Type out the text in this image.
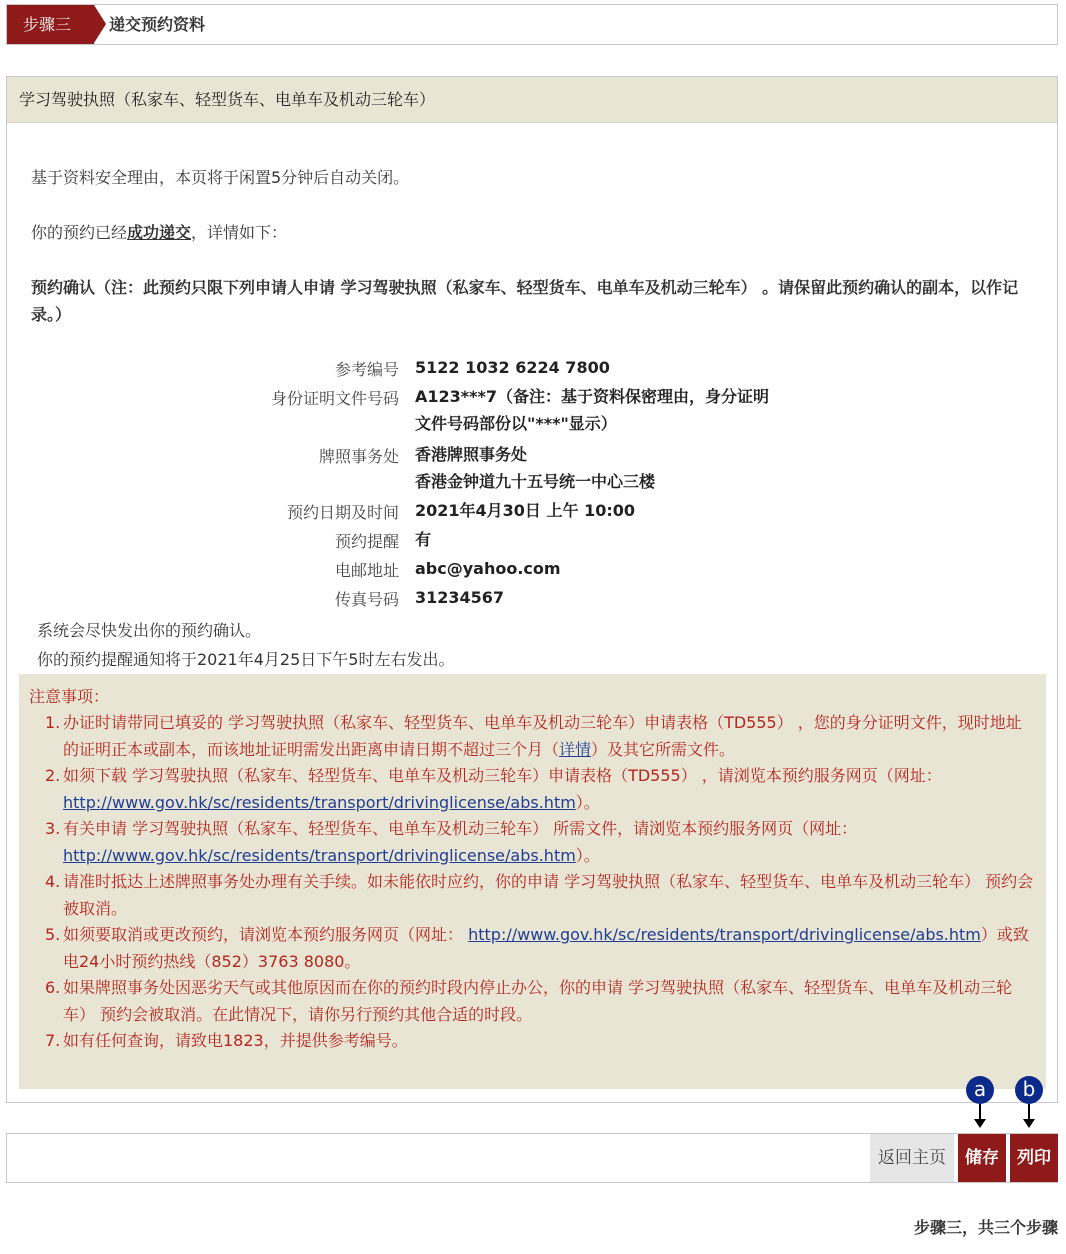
步骤三	递交预约资料
学习驾驶执照（私家车、轻型货车、电单车及机动三轮车）
基于资料安全理由，本页将于闲置5分钟后自动关闭。
你的预约已经成功递交，详情如下：
预约确认（注：此预约只限下列申请人申请 学习驾驶执照（私家车、轻型货车、电单车及机动三轮车） 。请保留此预约确认的副本，以作记录。）
参考编号 5122 1032 6224 7800
身份证明文件号码 A123***7（备注：基于资料保密理由，身分证明文件号码部份以"***"显示）
牌照事务处 香港牌照事务处
香港金钟道九十五号统一中心三楼
预约日期及时间 2021年4月30日 上午 10:00
预约提醒 有
电邮地址 abc@yahoo.com
传真号码 31234567
系统会尽快发出你的预约确认。
你的预约提醒通知将于2021年4月25日下午5时左右发出。
注意事项：
1. 办证时请带同已填妥的 学习驾驶执照（私家车、轻型货车、电单车及机动三轮车）申请表格（TD555） ，您的身分证明文件，现时地址的证明正本或副本，而该地址证明需发出距离申请日期不超过三个月（详情）及其它所需文件。
2. 如须下载 学习驾驶执照（私家车、轻型货车、电单车及机动三轮车）申请表格（TD555） ，请浏览本预约服务网页（网址：http://www.gov.hk/sc/residents/transport/drivinglicense/abs.htm）。
3. 有关申请 学习驾驶执照（私家车、轻型货车、电单车及机动三轮车） 所需文件，请浏览本预约服务网页（网址：http://www.gov.hk/sc/residents/transport/drivinglicense/abs.htm）。
4. 请准时抵达上述牌照事务处办理有关手续。如未能依时应约，你的申请 学习驾驶执照（私家车、轻型货车、电单车及机动三轮车） 预约会被取消。
5. 如须要取消或更改预约，请浏览本预约服务网页（网址： http://www.gov.hk/sc/residents/transport/drivinglicense/abs.htm）或致电24小时预约热线（852）3763 8080。
6. 如果牌照事务处因恶劣天气或其他原因而在你的预约时段内停止办公，你的申请 学习驾驶执照（私家车、轻型货车、电单车及机动三轮车） 预约会被取消。在此情况下，请你另行预约其他合适的时段。
7. 如有任何查询，请致电1823，并提供参考编号。
a	b
返回主页	储存	列印
步骤三，共三个步骤
